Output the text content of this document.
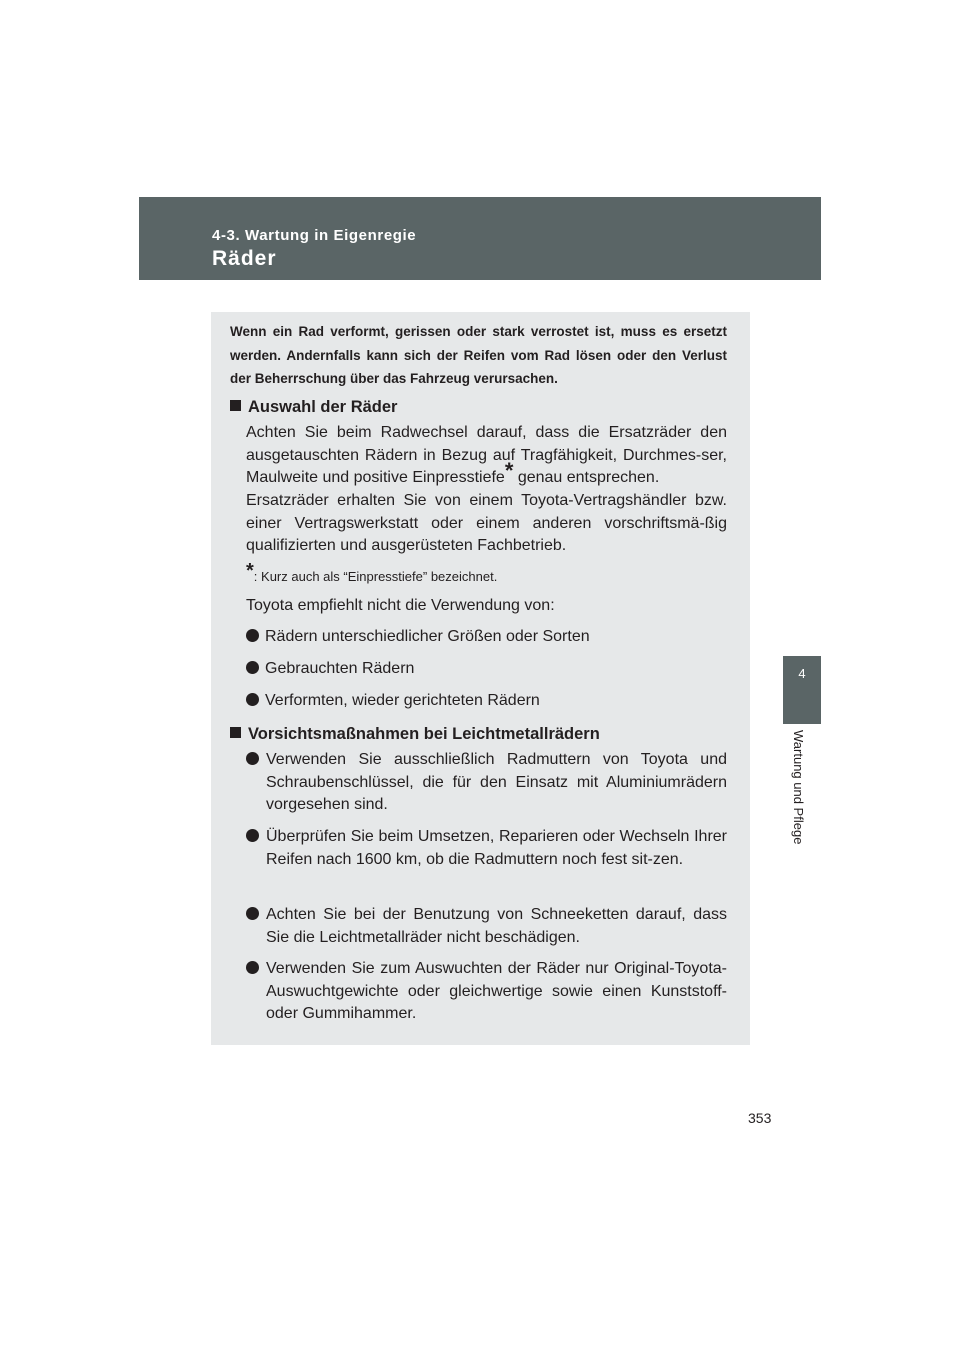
4-3. Wartung in Eigenregie
Räder
4
Wartung und Pflege

Wenn ein Rad verformt, gerissen oder stark verrostet ist, muss es ersetzt werden. Andernfalls kann sich der Reifen vom Rad lösen oder den Verlust der Beherrschung über das Fahrzeug verursachen.

Auswahl der Räder

Achten Sie beim Radwechsel darauf, dass die Ersatzräder den ausgetauschten Rädern in Bezug auf Tragfähigkeit, Durchmes-ser, Maulweite und positive Einpresstiefe* genau entsprechen.

Ersatzräder erhalten Sie von einem Toyota-Vertragshändler bzw. einer Vertragswerkstatt oder einem anderen vorschriftsmä-ßig qualifizierten und ausgerüsteten Fachbetrieb.

*: Kurz auch als “Einpresstiefe” bezeichnet.

Toyota empfiehlt nicht die Verwendung von:

Rädern unterschiedlicher Größen oder Sorten

Gebrauchten Rädern

Verformten, wieder gerichteten Rädern

Vorsichtsmaßnahmen bei Leichtmetallrädern

Verwenden Sie ausschließlich Radmuttern von Toyota und Schraubenschlüssel, die für den Einsatz mit Aluminiumrädern vorgesehen sind.

Überprüfen Sie beim Umsetzen, Reparieren oder Wechseln Ihrer Reifen nach 1600 km, ob die Radmuttern noch fest sit-zen.

Achten Sie bei der Benutzung von Schneeketten darauf, dass Sie die Leichtmetallräder nicht beschädigen.

Verwenden Sie zum Auswuchten der Räder nur Original-Toyota-Auswuchtgewichte oder gleichwertige sowie einen Kunststoff- oder Gummihammer.

353
